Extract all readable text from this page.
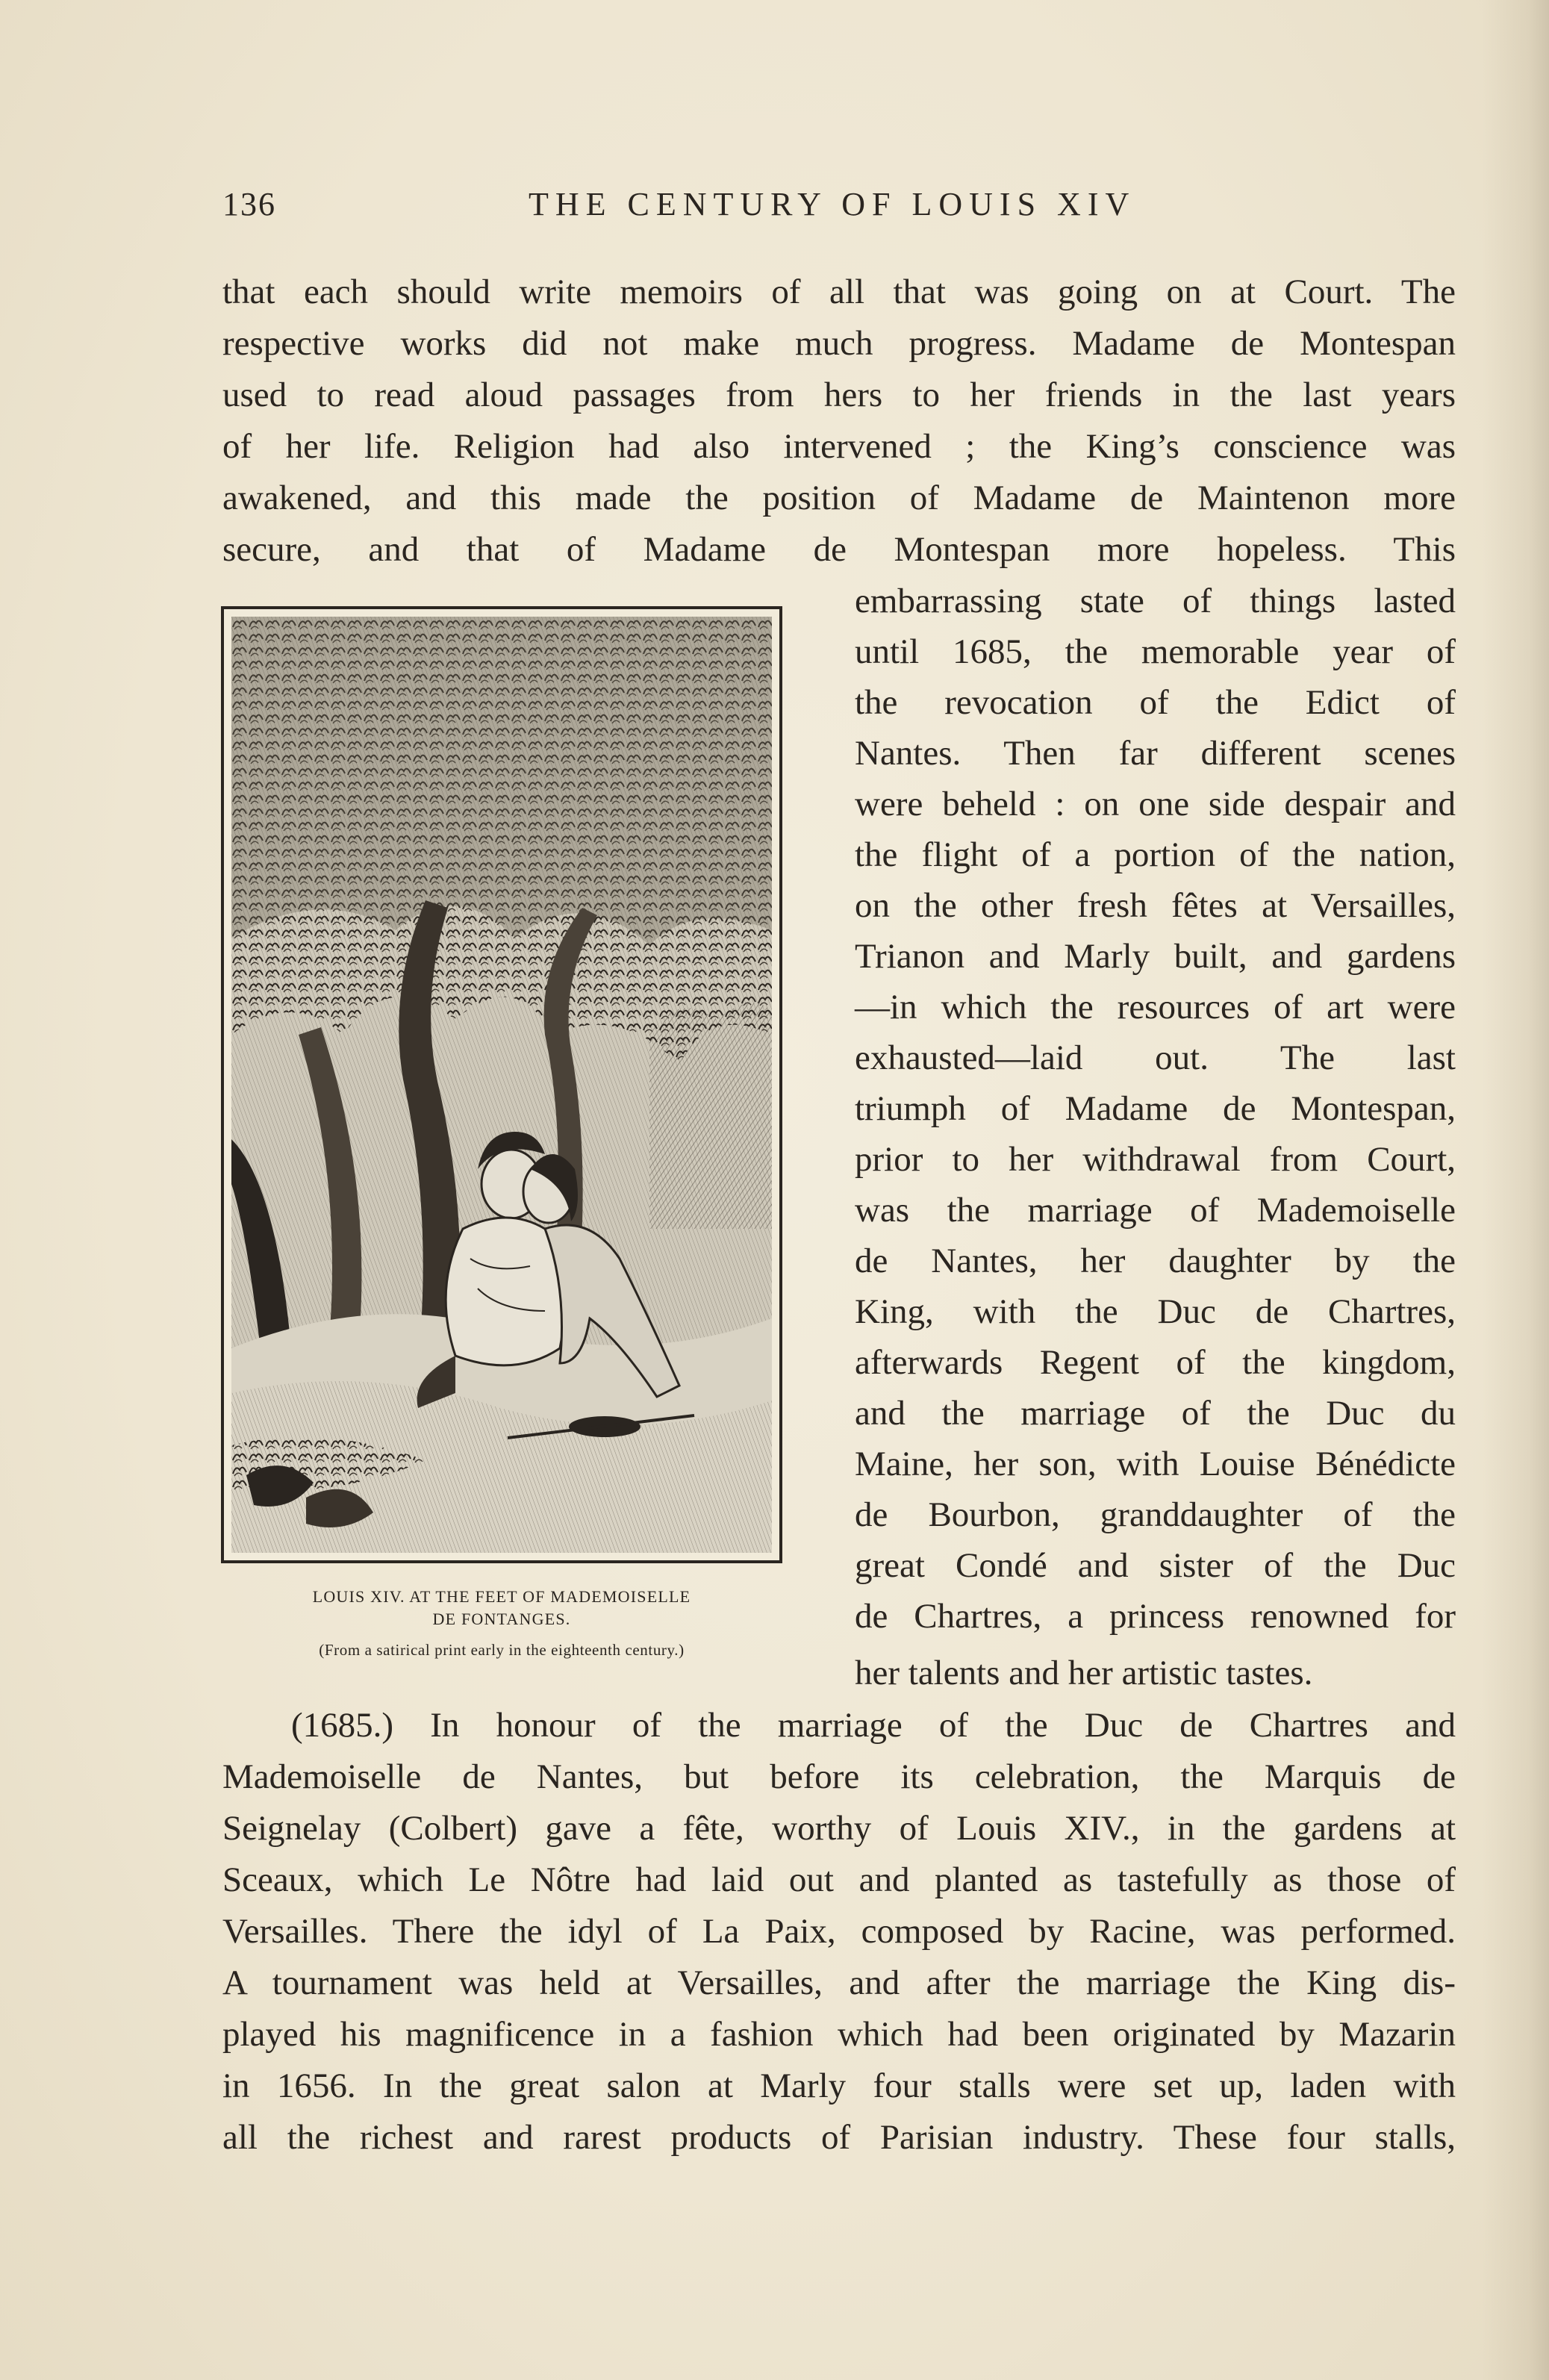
136	THE CENTURY OF LOUIS XIV
that each should write memoirs of all that was going on at Court. The
respective works did not make much progress. Madame de Montespan
used to read aloud passages from hers to her friends in the last years
of her life. Religion had also intervened ; the King’s conscience was
awakened, and this made the position of Madame de Maintenon more
secure, and that of Madame de Montespan more hopeless. This
embarrassing state of things lasted
until 1685, the memorable year of
the revocation of the Edict of
Nantes. Then far different scenes
were beheld : on one side despair and
the flight of a portion of the nation,
on the other fresh fêtes at Versailles,
Trianon and Marly built, and gardens
—in which the resources of art were
exhausted—laid out. The last
triumph of Madame de Montespan,
prior to her withdrawal from Court,
was the marriage of Mademoiselle
de Nantes, her daughter by the
King, with the Duc de Chartres,
afterwards Regent of the kingdom,
and the marriage of the Duc du
Maine, her son, with Louise Bénédicte
de Bourbon, granddaughter of the
great Condé and sister of the Duc
de Chartres, a princess renowned for
her talents and her artistic tastes.
LOUIS XIV. AT THE FEET OF MADEMOISELLE
DE FONTANGES.
(From a satirical print early in the eighteenth century.)
(1685.) In honour of the marriage of the Duc de Chartres and
Mademoiselle de Nantes, but before its celebration, the Marquis de
Seignelay (Colbert) gave a fête, worthy of Louis XIV., in the gardens at
Sceaux, which Le Nôtre had laid out and planted as tastefully as those of
Versailles. There the idyl of La Paix, composed by Racine, was performed.
A tournament was held at Versailles, and after the marriage the King dis-
played his magnificence in a fashion which had been originated by Mazarin
in 1656. In the great salon at Marly four stalls were set up, laden with
all the richest and rarest products of Parisian industry. These four stalls,
